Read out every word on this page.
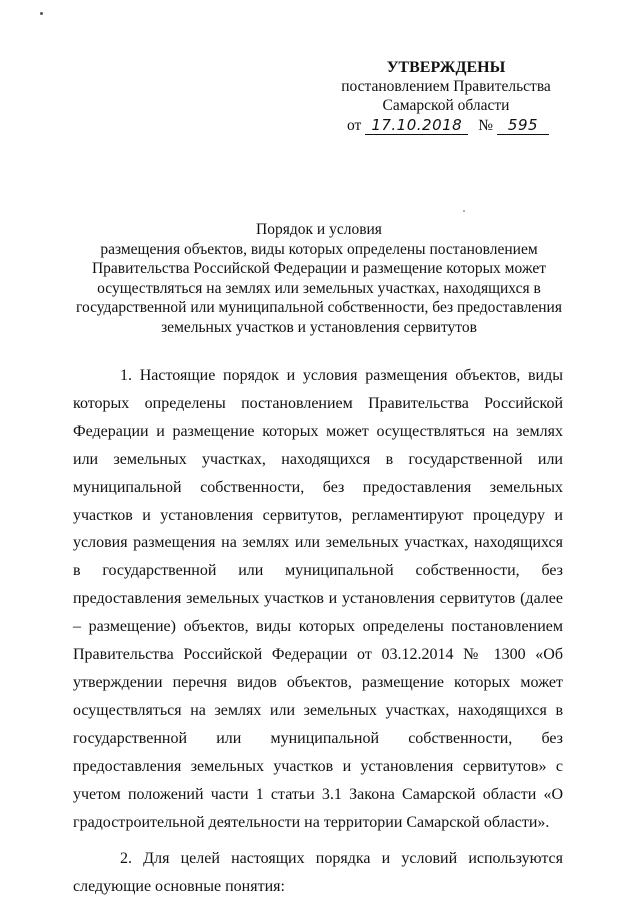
УТВЕРЖДЕНЫ
постановлением Правительства
Самарской области
от 17.10.2018	№ 595
Порядок и условия
размещения объектов, виды которых определены постановлением
Правительства Российской Федерации и размещение которых может
осуществляться на землях или земельных участках, находящихся в
государственной или муниципальной собственности, без предоставления
земельных участков и установления сервитутов

1. Настоящие порядок и условия размещения объектов, виды которых определены постановлением Правительства Российской Федерации и размещение которых может осуществляться на землях или земельных участках, находящихся в государственной или муниципальной собственности, без предоставления земельных участков и установления сервитутов, регламентируют процедуру и условия размещения на землях или земельных участках, находящихся в государственной или муниципальной собственности, без предоставления земельных участков и установления сервитутов (далее – размещение) объектов, виды которых определены постановлением Правительства Российской Федерации от 03.12.2014 № 1300 «Об утверждении перечня видов объектов, размещение которых может осуществляться на землях или земельных участках, находящихся в государственной или муниципальной собственности, без предоставления земельных участков и установления сервитутов» с учетом положений части 1 статьи 3.1 Закона Самарской области «О градостроительной деятельности на территории Самарской области».

2. Для целей настоящих порядка и условий используются следующие основные понятия:
